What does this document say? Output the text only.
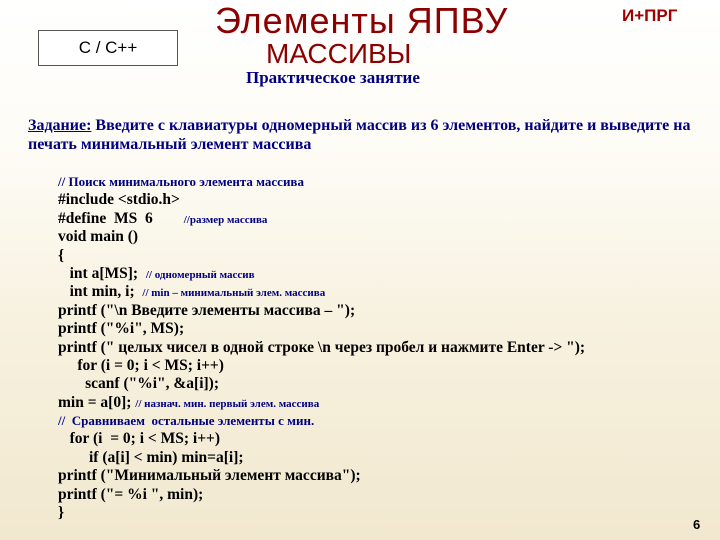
C / C++
Элементы ЯПВУ	И+ПРГ
МАССИВЫ
Практическое занятие
Задание: Введите с клавиатуры одномерный массив из 6 элементов, найдите и выведите на печать минимальный элемент массива
// Поиск минимального элемента массива
#include <stdio.h>
#define  MS  6        //размер массива
void main ()
{
int a[MS];  // одномерный массив
int min, i;  // min – минимальный элем. массива
printf ("\n Введите элементы массива – ");
printf ("%i", MS);
printf (" целых чисел в одной строке \n через пробел и нажмите Enter -> ");
for (i = 0; i < MS; i++)
scanf ("%i", &a[i]);
min = a[0]; // назнач. мин. первый элем. массива
//  Сравниваем  остальные элементы с мин.
for (i  = 0; i < MS; i++)
if (a[i] < min) min=a[i];
printf ("Минимальный элемент массива");
printf ("= %i ", min);
}
6
